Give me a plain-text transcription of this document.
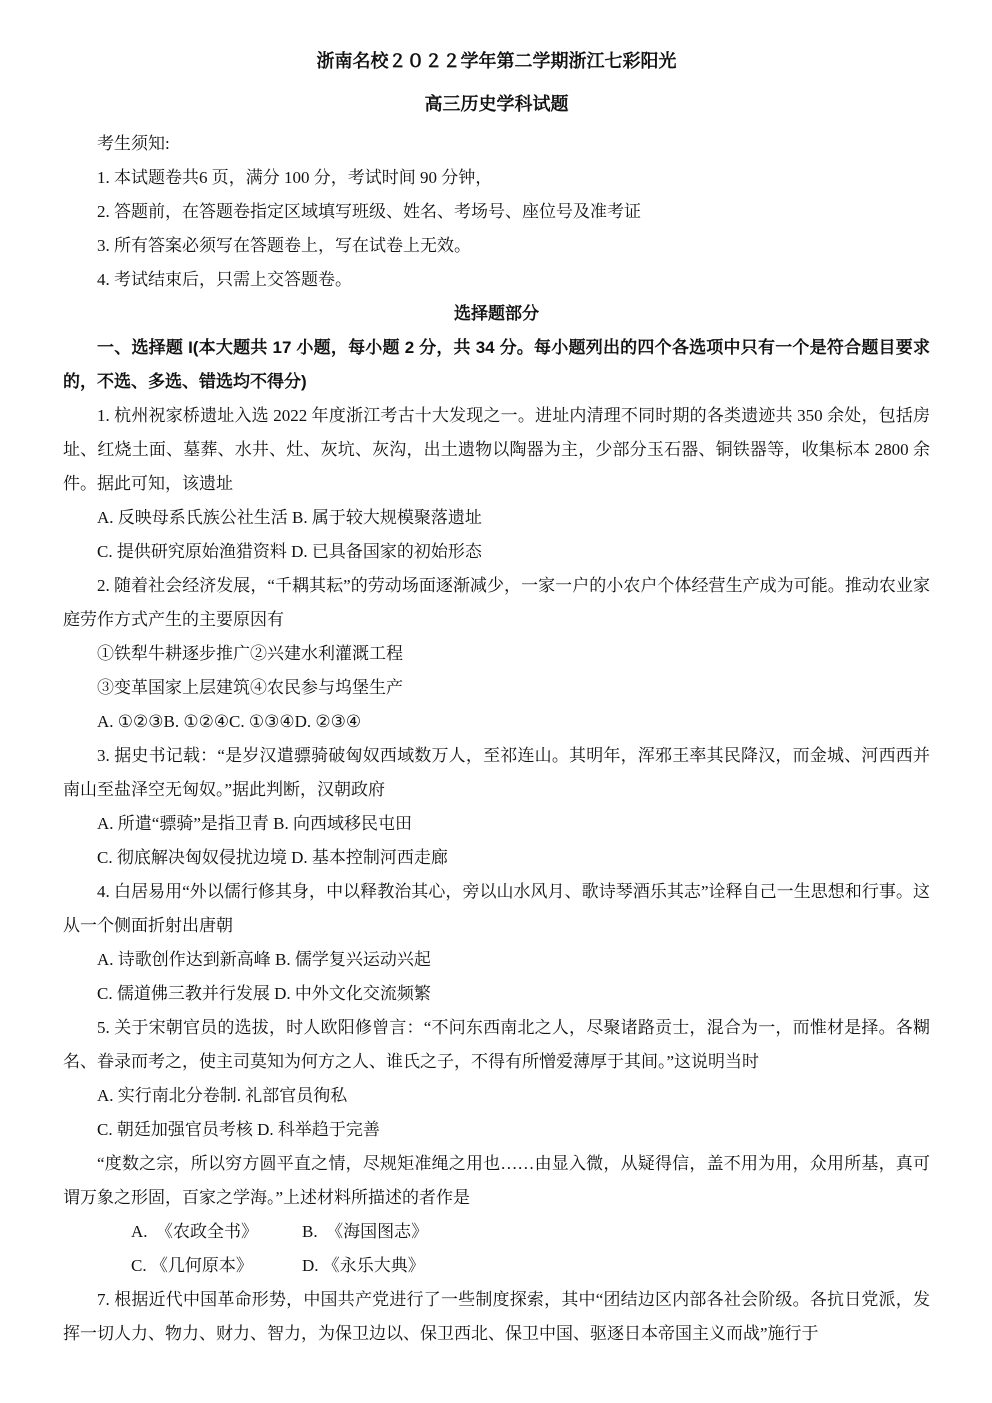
浙南名校２０２２学年第二学期浙江七彩阳光
高三历史学科试题

考生须知:

1. 本试题卷共6 页，满分 100 分，考试时间 90 分钟，

2. 答题前，在答题卷指定区域填写班级、姓名、考场号、座位号及准考证

3. 所有答案必须写在答题卷上，写在试卷上无效。

4. 考试结束后，只需上交答题卷。

选择题部分

一、选择题 I(本大题共 17 小题，每小题 2 分，共 34 分。每小题列出的四个各选项中只有一个是符合题目要求的，不选、多选、错选均不得分)

1. 杭州祝家桥遗址入选 2022 年度浙江考古十大发现之一。进址内清理不同时期的各类遗迹共 350 余处，包括房址、红烧土面、墓葬、水井、灶、灰坑、灰沟，出土遗物以陶器为主，少部分玉石器、铜铁器等，收集标本 2800 余件。据此可知，该遗址

A. 反映母系氏族公社生活 B. 属于较大规模聚落遗址

C. 提供研究原始渔猎资料 D. 已具备国家的初始形态

2. 随着社会经济发展，“千耦其耘”的劳动场面逐渐减少，一家一户的小农户个体经营生产成为可能。推动农业家庭劳作方式产生的主要原因有

①铁犁牛耕逐步推广②兴建水利灌溉工程

③变革国家上层建筑④农民参与坞堡生产

A. ①②③B. ①②④C. ①③④D. ②③④

3. 据史书记载：“是岁汉遣骠骑破匈奴西域数万人，至祁连山。其明年，浑邪王率其民降汉，而金城、河西西并南山至盐泽空无匈奴。”据此判断，汉朝政府

A. 所遣“骠骑”是指卫青 B. 向西域移民屯田

C. 彻底解决匈奴侵扰边境 D. 基本控制河西走廊

4. 白居易用“外以儒行修其身，中以释教治其心，旁以山水风月、歌诗琴酒乐其志”诠释自己一生思想和行事。这从一个侧面折射出唐朝

A. 诗歌创作达到新高峰 B. 儒学复兴运动兴起

C. 儒道佛三教并行发展 D. 中外文化交流频繁

5. 关于宋朝官员的选拔，时人欧阳修曾言：“不问东西南北之人，尽聚诸路贡士，混合为一，而惟材是择。各糊名、眷录而考之，使主司莫知为何方之人、谁氏之子，不得有所憎爱薄厚于其间。”这说明当时

A. 实行南北分卷制. 礼部官员徇私

C. 朝廷加强官员考核 D. 科举趋于完善

“度数之宗，所以穷方圆平直之情，尽规矩准绳之用也……由显入微，从疑得信，盖不用为用，众用所基，真可谓万象之形固，百家之学海。”上述材料所描述的者作是

A.　《农政全书》	B.　《海国图志》

C. 《几何原本》	D. 《永乐大典》

7. 根据近代中国革命形势，中国共产党进行了一些制度探索，其中“团结边区内部各社会阶级。各抗日党派，发挥一切人力、物力、财力、智力，为保卫边以、保卫西北、保卫中国、驱逐日本帝国主义而战”施行于
